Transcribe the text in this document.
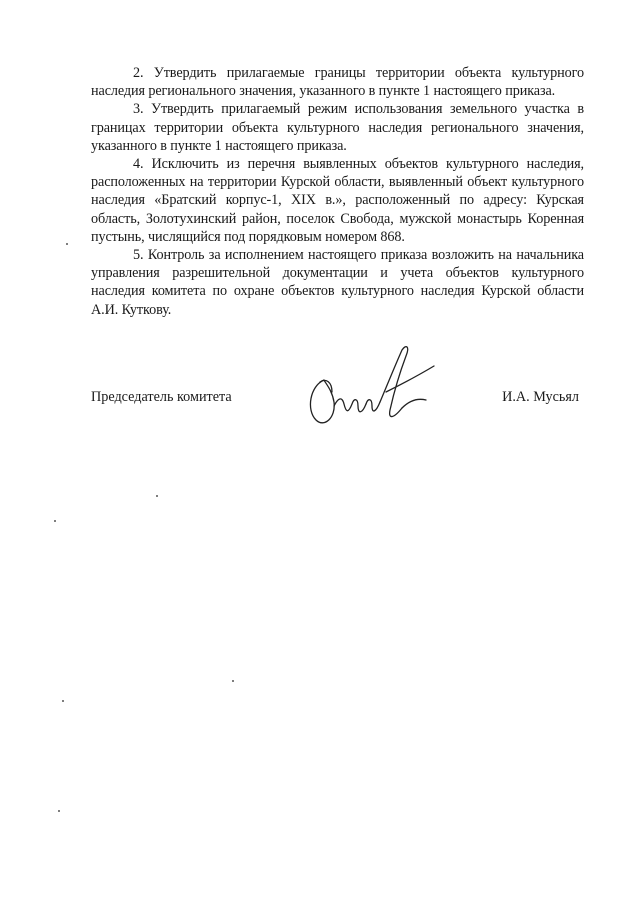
2. Утвердить прилагаемые границы территории объекта культурного наследия регионального значения, указанного в пункте 1 настоящего приказа.

3. Утвердить прилагаемый режим использования земельного участка в границах территории объекта культурного наследия регионального значения, указанного в пункте 1 настоящего приказа.

4. Исключить из перечня выявленных объектов культурного наследия, расположенных на территории Курской области, выявленный объект культурного наследия «Братский корпус-1, XIX в.», расположенный по адресу: Курская область, Золотухинский район, поселок Свобода, мужской монастырь Коренная пустынь, числящийся под порядковым номером 868.

5. Контроль за исполнением настоящего приказа возложить на начальника управления разрешительной документации и учета объектов культурного наследия комитета по охране объектов культурного наследия Курской области А.И. Куткову.

Председатель комитета	И.А. Мусьял
